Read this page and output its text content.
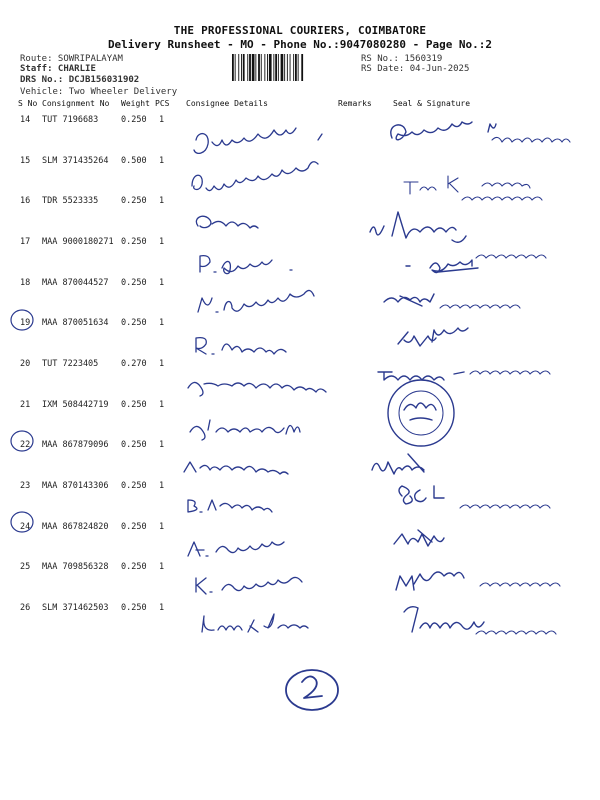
THE PROFESSIONAL COURIERS, COIMBATORE
Delivery Runsheet - MO - Phone No.:9047080280 - Page No.:2
Route: SOWRIPALAYAM
Staff: CHARLIE
DRS No.: DCJB156031902
Vehicle: Two Wheeler Delivery
RS No.: 1560319
RS Date: 04-Jun-2025
S No Consignment No Weight PCS Consignee Details	Remarks	Seal & Signature
14 TUT 7196683	0.250 1
15 SLM 371435264 0.500 1
16 TDR 5523335	0.250 1
17 MAA 9000180271 0.250 1
18 MAA 870044527 0.250 1
19 MAA 870051634 0.250 1
20 TUT 7223405	0.270 1
21 IXM 508442719 0.250 1
22 MAA 867879096 0.250 1
23 MAA 870143306 0.250 1
24 MAA 867824820 0.250 1
25 MAA 709856328 0.250 1
26 SLM 371462503 0.250 1
